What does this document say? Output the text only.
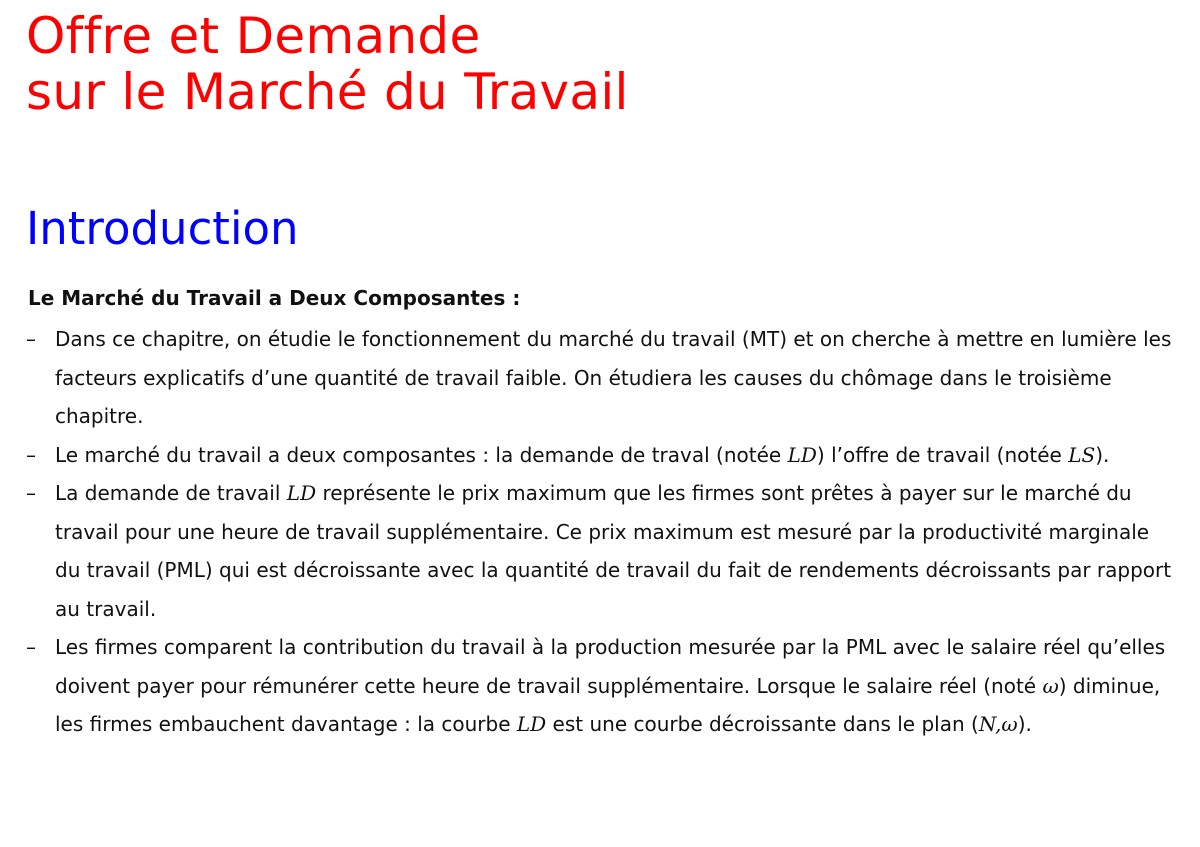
Offre et Demande
sur le Marché du Travail
Introduction

Le Marché du Travail a Deux Composantes :

– Dans ce chapitre, on étudie le fonctionnement du marché du travail (MT) et on cherche à mettre en lumière les facteurs explicatifs d’une quantité de travail faible. On étudiera les causes du chômage dans le troisième chapitre.
– Le marché du travail a deux composantes : la demande de traval (notée LD) l’offre de travail (notée LS).
– La demande de travail LD représente le prix maximum que les firmes sont prêtes à payer sur le marché du travail pour une heure de travail supplémentaire. Ce prix maximum est mesuré par la productivité marginale du travail (PML) qui est décroissante avec la quantité de travail du fait de rendements décroissants par rapport au travail.
– Les firmes comparent la contribution du travail à la production mesurée par la PML avec le salaire réel qu’elles doivent payer pour rémunérer cette heure de travail supplémentaire. Lorsque le salaire réel (noté ω) diminue, les firmes embauchent davantage : la courbe LD est une courbe décroissante dans le plan (N,ω).
